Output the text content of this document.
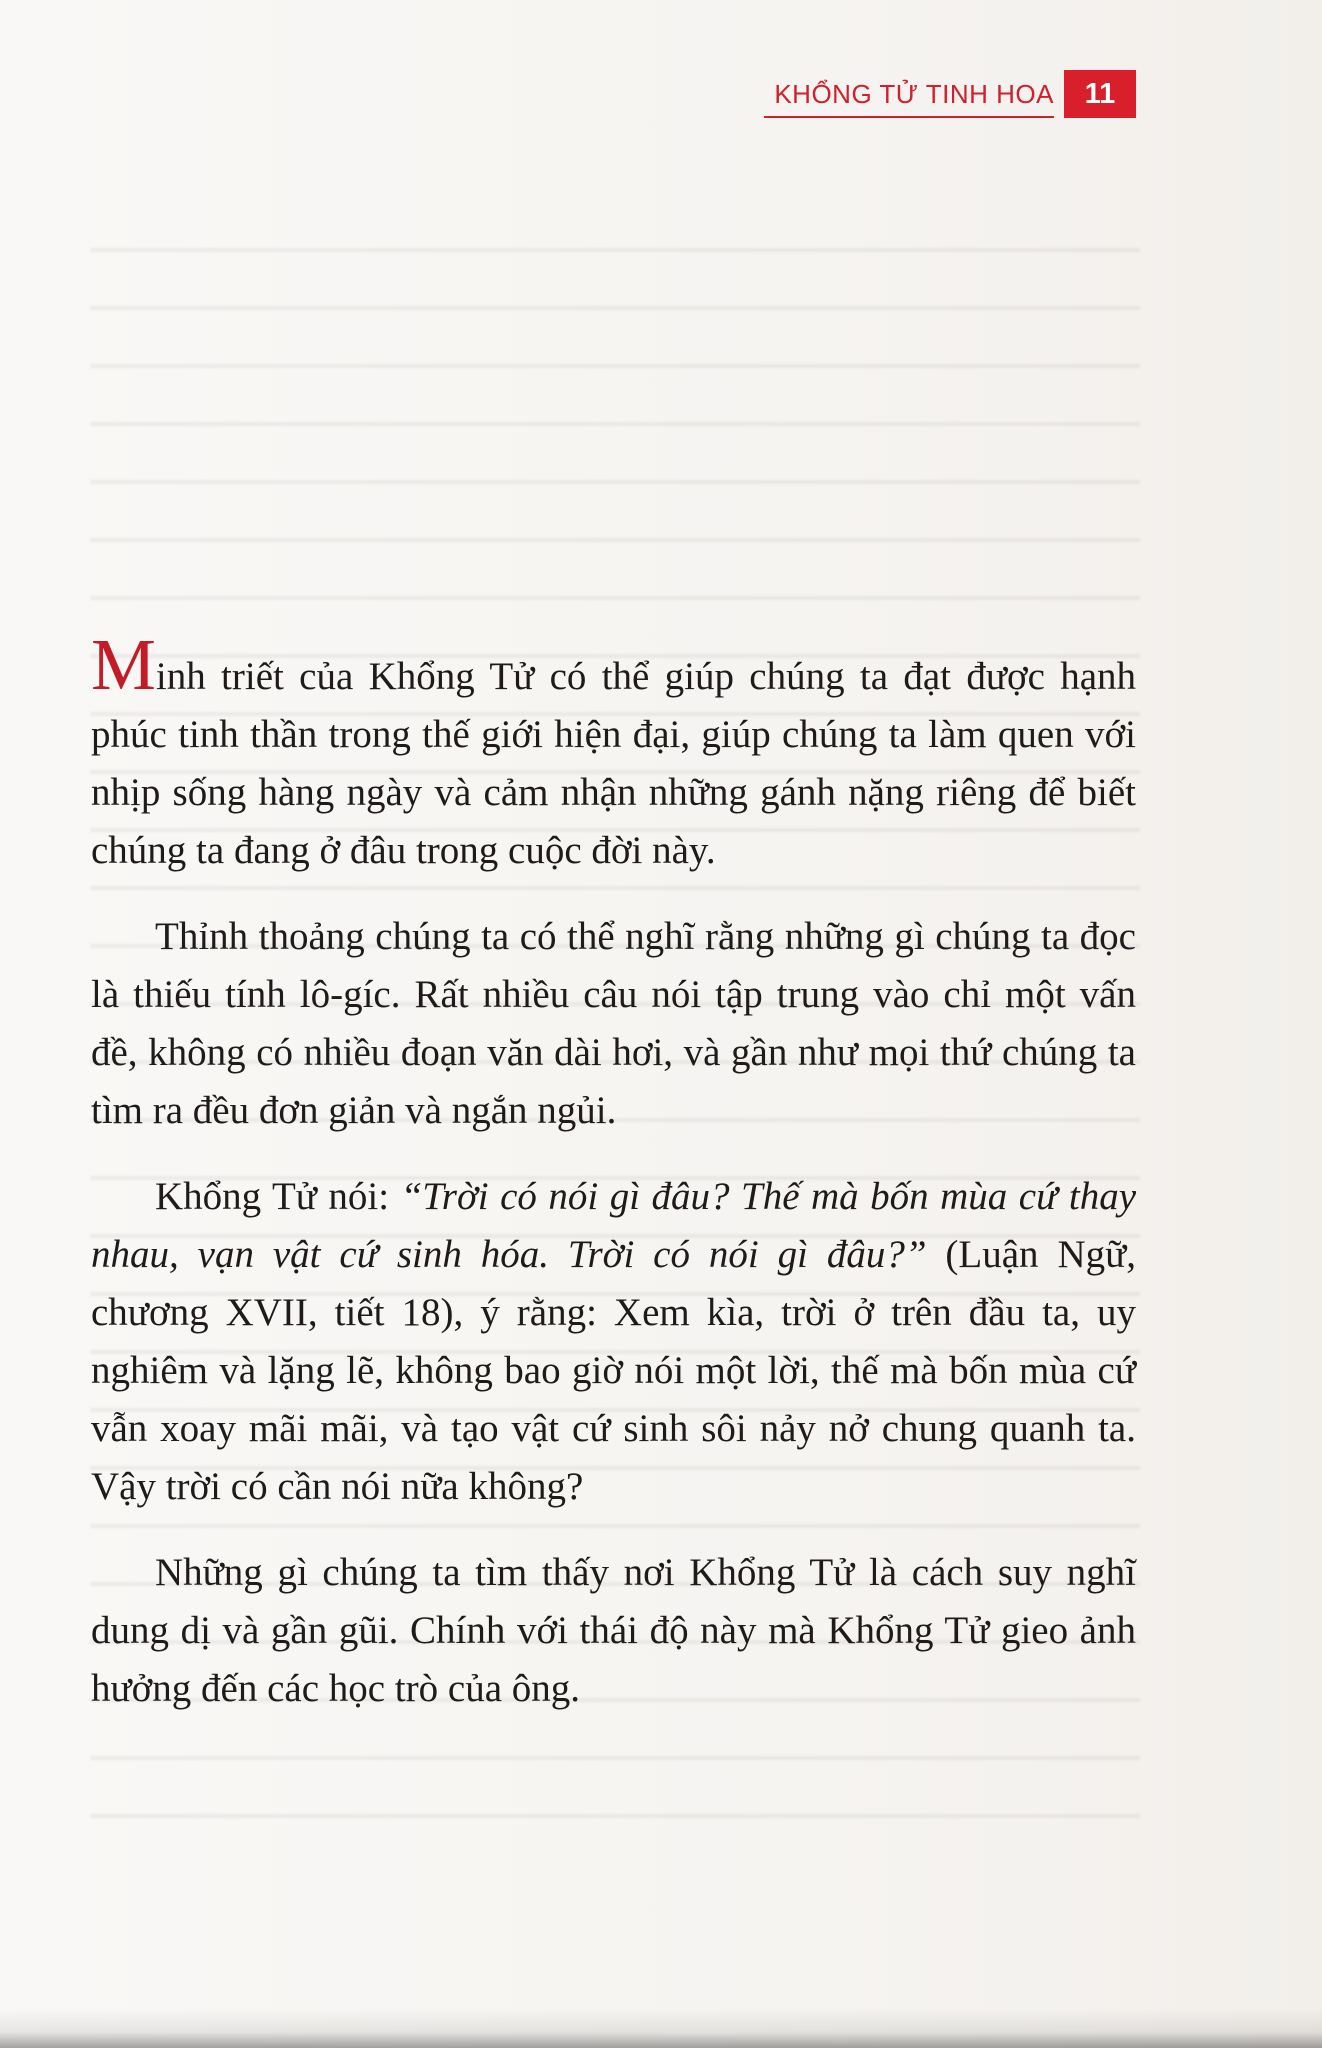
KHỔNG TỬ TINH HOA	11

Minh triết của Khổng Tử có thể giúp chúng ta đạt được hạnh phúc tinh thần trong thế giới hiện đại, giúp chúng ta làm quen với nhịp sống hàng ngày và cảm nhận những gánh nặng riêng để biết chúng ta đang ở đâu trong cuộc đời này.

Thỉnh thoảng chúng ta có thể nghĩ rằng những gì chúng ta đọc là thiếu tính lô-gíc. Rất nhiều câu nói tập trung vào chỉ một vấn đề, không có nhiều đoạn văn dài hơi, và gần như mọi thứ chúng ta tìm ra đều đơn giản và ngắn ngủi.

Khổng Tử nói: “Trời có nói gì đâu? Thế mà bốn mùa cứ thay nhau, vạn vật cứ sinh hóa. Trời có nói gì đâu?” (Luận Ngữ, chương XVII, tiết 18), ý rằng: Xem kìa, trời ở trên đầu ta, uy nghiêm và lặng lẽ, không bao giờ nói một lời, thế mà bốn mùa cứ vẫn xoay mãi mãi, và tạo vật cứ sinh sôi nảy nở chung quanh ta. Vậy trời có cần nói nữa không?

Những gì chúng ta tìm thấy nơi Khổng Tử là cách suy nghĩ dung dị và gần gũi. Chính với thái độ này mà Khổng Tử gieo ảnh hưởng đến các học trò của ông.
